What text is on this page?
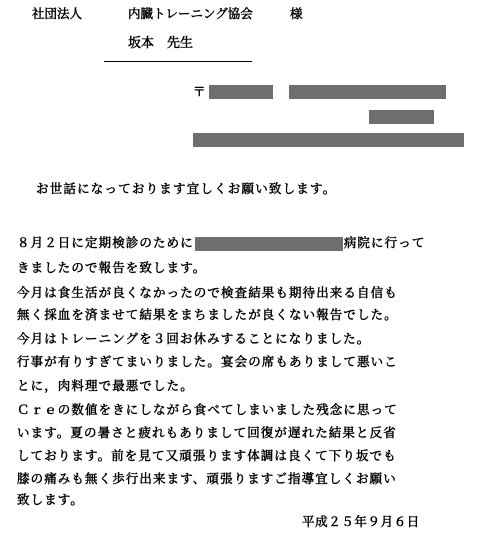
社団法人	内臓トレーニング協会	様
坂本　先生
〒
お世話になっております宜しくお願い致します。
８月２日に定期検診のために	病院に行って
きましたので報告を致します。
今月は食生活が良くなかったので検査結果も期待出来る自信も
無く採血を済ませて結果をまちましたが良くない報告でした。
今月はトレーニングを３回お休みすることになりました。
行事が有りすぎてまいりました。宴会の席もありまして悪いこ
とに，肉料理で最悪でした。
Ｃｒｅの数値をきにしながら食べてしまいました残念に思って
います。夏の暑さと疲れもありまして回復が遅れた結果と反省
しております。前を見て又頑張ります体調は良くて下り坂でも
膝の痛みも無く歩行出来ます、頑張りますご指導宜しくお願い
致します。
平成２５年９月６日
